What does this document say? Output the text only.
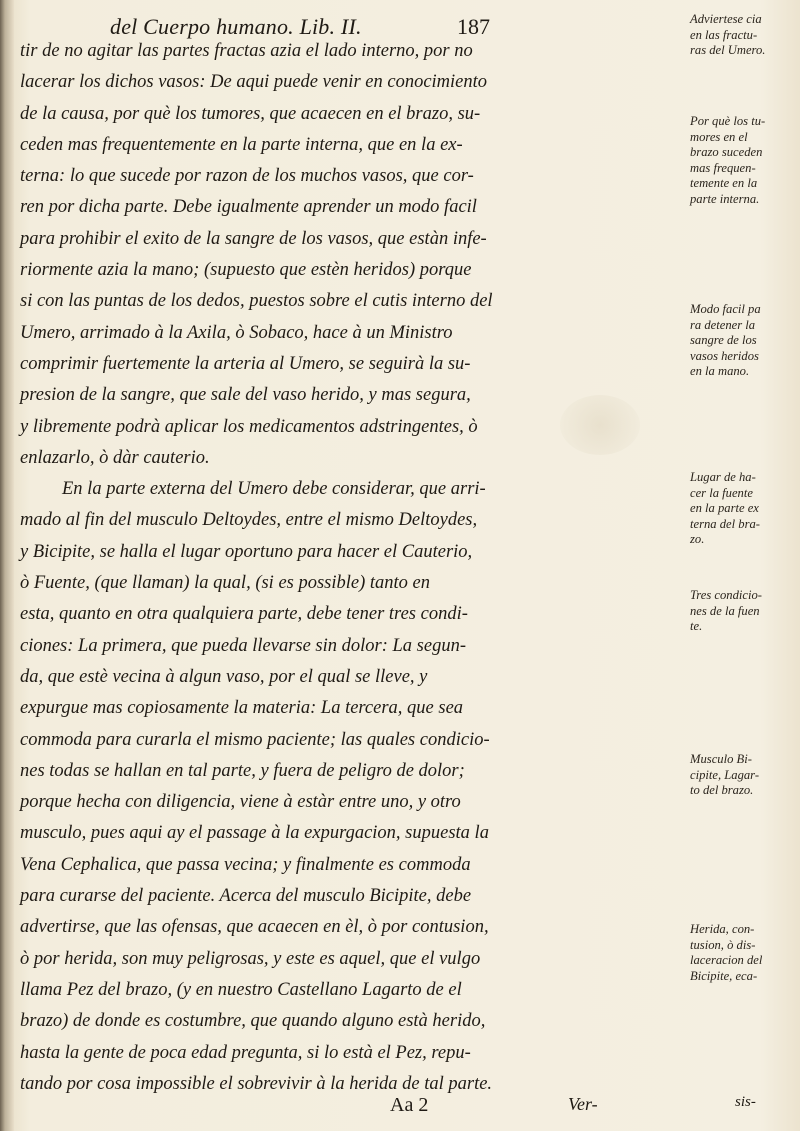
del Cuerpo humano. Lib. II.	187
tir de no agitar las partes fractas azia el lado interno, por no
lacerar los dichos vasos: De aqui puede venir en conocimiento
de la causa, por què los tumores, que acaecen en el brazo, su-
ceden mas frequentemente en la parte interna, que en la ex-
terna: lo que sucede por razon de los muchos vasos, que cor-
ren por dicha parte. Debe igualmente aprender un modo facil
para prohibir el exito de la sangre de los vasos, que estàn infe-
riormente azia la mano; (supuesto que estèn heridos) porque
si con las puntas de los dedos, puestos sobre el cutis interno del
Umero, arrimado à la Axila, ò Sobaco, hace à un Ministro
comprimir fuertemente la arteria al Umero, se seguirà la su-
presion de la sangre, que sale del vaso herido, y mas segura,
y libremente podrà aplicar los medicamentos adstringentes, ò
enlazarlo, ò dàr cauterio.
En la parte externa del Umero debe considerar, que arri-
mado al fin del musculo Deltoydes, entre el mismo Deltoydes,
y Bicipite, se halla el lugar oportuno para hacer el Cauterio,
ò Fuente, (que llaman) la qual, (si es possible) tanto en
esta, quanto en otra qualquiera parte, debe tener tres condi-
ciones: La primera, que pueda llevarse sin dolor: La segun-
da, que estè vecina à algun vaso, por el qual se lleve, y
expurgue mas copiosamente la materia: La tercera, que sea
commoda para curarla el mismo paciente; las quales condicio-
nes todas se hallan en tal parte, y fuera de peligro de dolor;
porque hecha con diligencia, viene à estàr entre uno, y otro
musculo, pues aqui ay el passage à la expurgacion, supuesta la
Vena Cephalica, que passa vecina; y finalmente es commoda
para curarse del paciente. Acerca del musculo Bicipite, debe
advertirse, que las ofensas, que acaecen en èl, ò por contusion,
ò por herida, son muy peligrosas, y este es aquel, que el vulgo
llama Pez del brazo, (y en nuestro Castellano Lagarto de el
brazo) de donde es costumbre, que quando alguno està herido,
hasta la gente de poca edad pregunta, si lo està el Pez, repu-
tando por cosa impossible el sobrevivir à la herida de tal parte.
Adviertese cia
en las fractu-
ras del Umero.
Por què los tu-
mores en el
brazo suceden
mas frequen-
temente en la
parte interna.
Modo facil pa
ra detener la
sangre de los
vasos heridos
en la mano.
Lugar de ha-
cer la fuente
en la parte ex
terna del bra-
zo.
Tres condicio-
nes de la fuen
te.
Musculo Bi-
cipite, Lagar-
to del brazo.
Herida, con-
tusion, ò dis-
laceracion del
Bicipite, eca-
Aa 2	Ver-	sis-
